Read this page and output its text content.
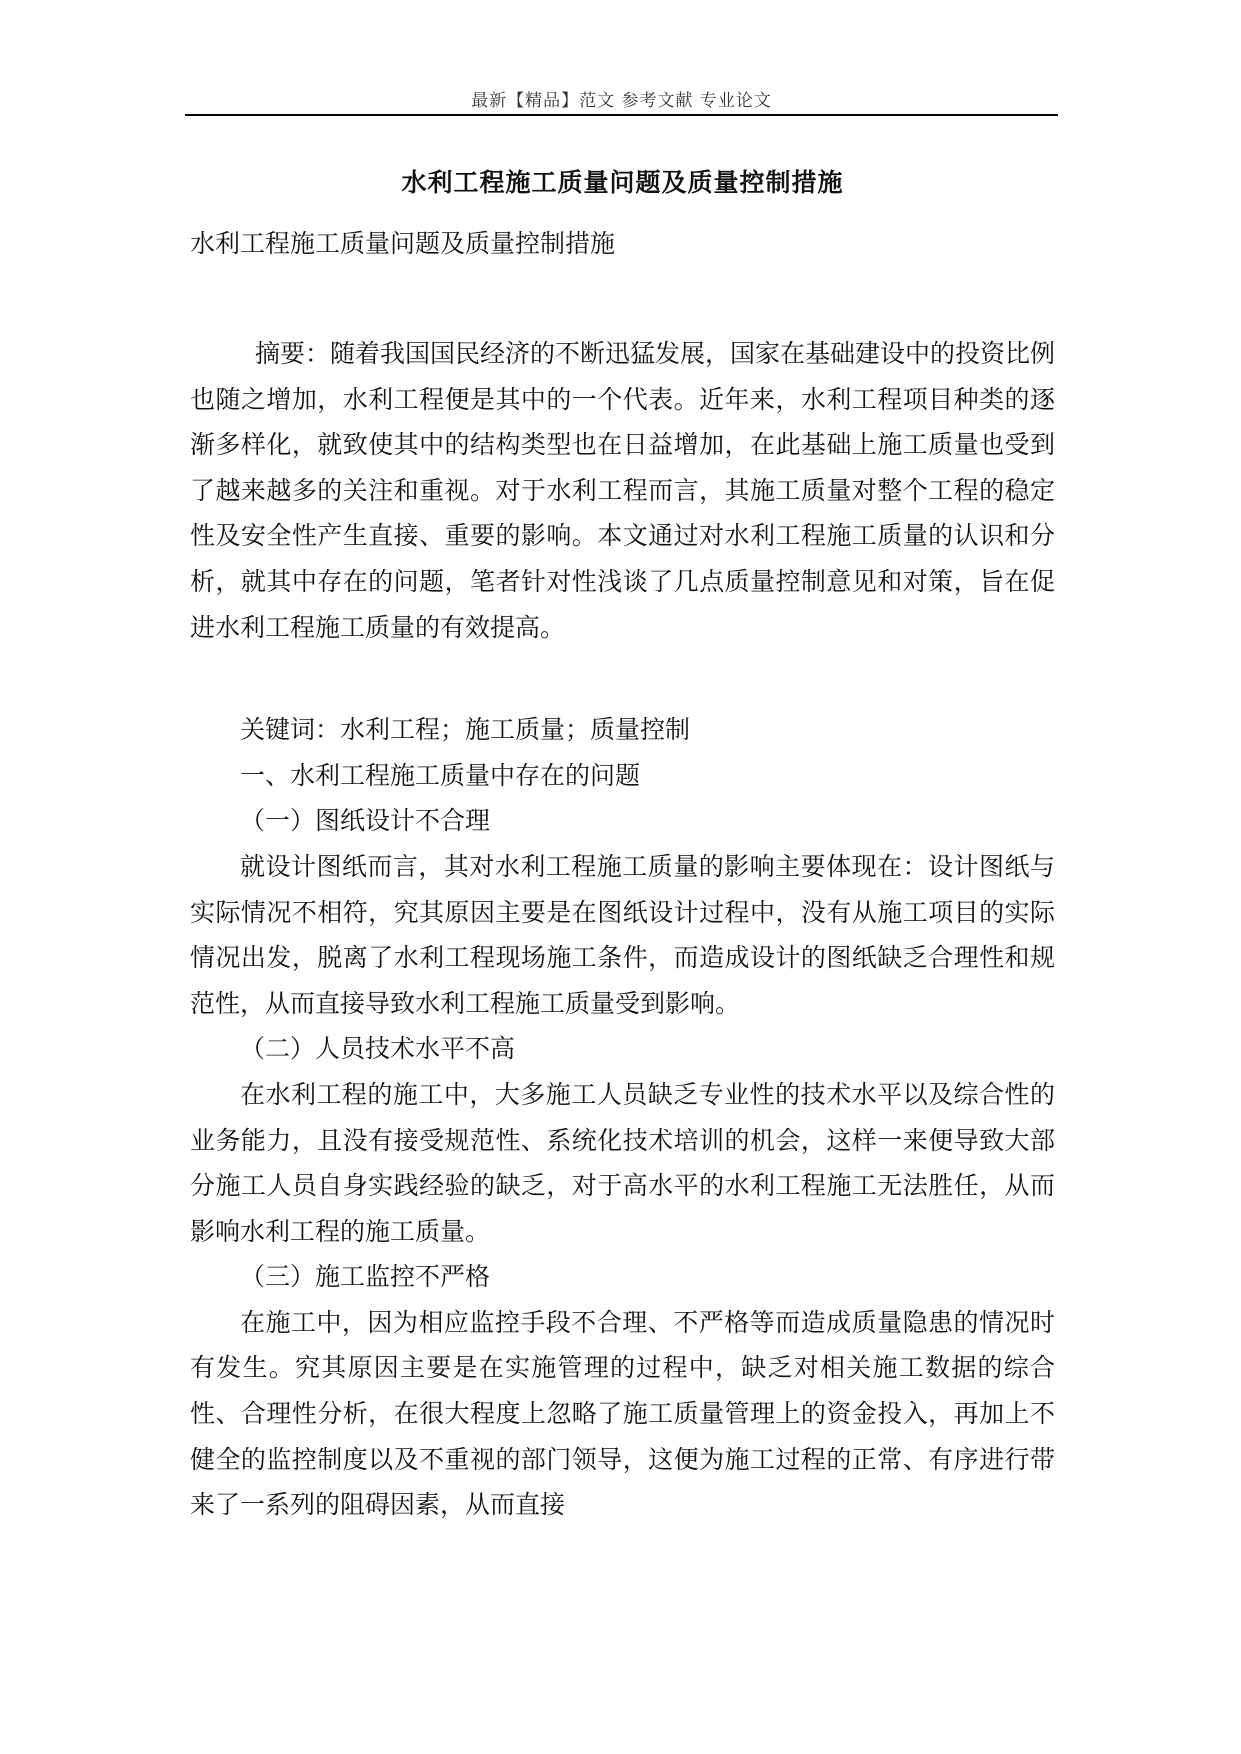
最新【精品】范文 参考文献 专业论文
水利工程施工质量问题及质量控制措施
水利工程施工质量问题及质量控制措施

摘要：随着我国国民经济的不断迅猛发展，国家在基础建设中的投资比例也随之增加，水利工程便是其中的一个代表。近年来，水利工程项目种类的逐渐多样化，就致使其中的结构类型也在日益增加，在此基础上施工质量也受到了越来越多的关注和重视。对于水利工程而言，其施工质量对整个工程的稳定性及安全性产生直接、重要的影响。本文通过对水利工程施工质量的认识和分析，就其中存在的问题，笔者针对性浅谈了几点质量控制意见和对策，旨在促进水利工程施工质量的有效提高。

关键词：水利工程；施工质量；质量控制

一、水利工程施工质量中存在的问题

（一）图纸设计不合理

就设计图纸而言，其对水利工程施工质量的影响主要体现在：设计图纸与实际情况不相符，究其原因主要是在图纸设计过程中，没有从施工项目的实际情况出发，脱离了水利工程现场施工条件，而造成设计的图纸缺乏合理性和规范性，从而直接导致水利工程施工质量受到影响。

（二）人员技术水平不高

在水利工程的施工中，大多施工人员缺乏专业性的技术水平以及综合性的业务能力，且没有接受规范性、系统化技术培训的机会，这样一来便导致大部分施工人员自身实践经验的缺乏，对于高水平的水利工程施工无法胜任，从而影响水利工程的施工质量。

（三）施工监控不严格

在施工中，因为相应监控手段不合理、不严格等而造成质量隐患的情况时有发生。究其原因主要是在实施管理的过程中，缺乏对相关施工数据的综合性、合理性分析，在很大程度上忽略了施工质量管理上的资金投入，再加上不健全的监控制度以及不重视的部门领导，这便为施工过程的正常、有序进行带来了一系列的阻碍因素，从而直接
